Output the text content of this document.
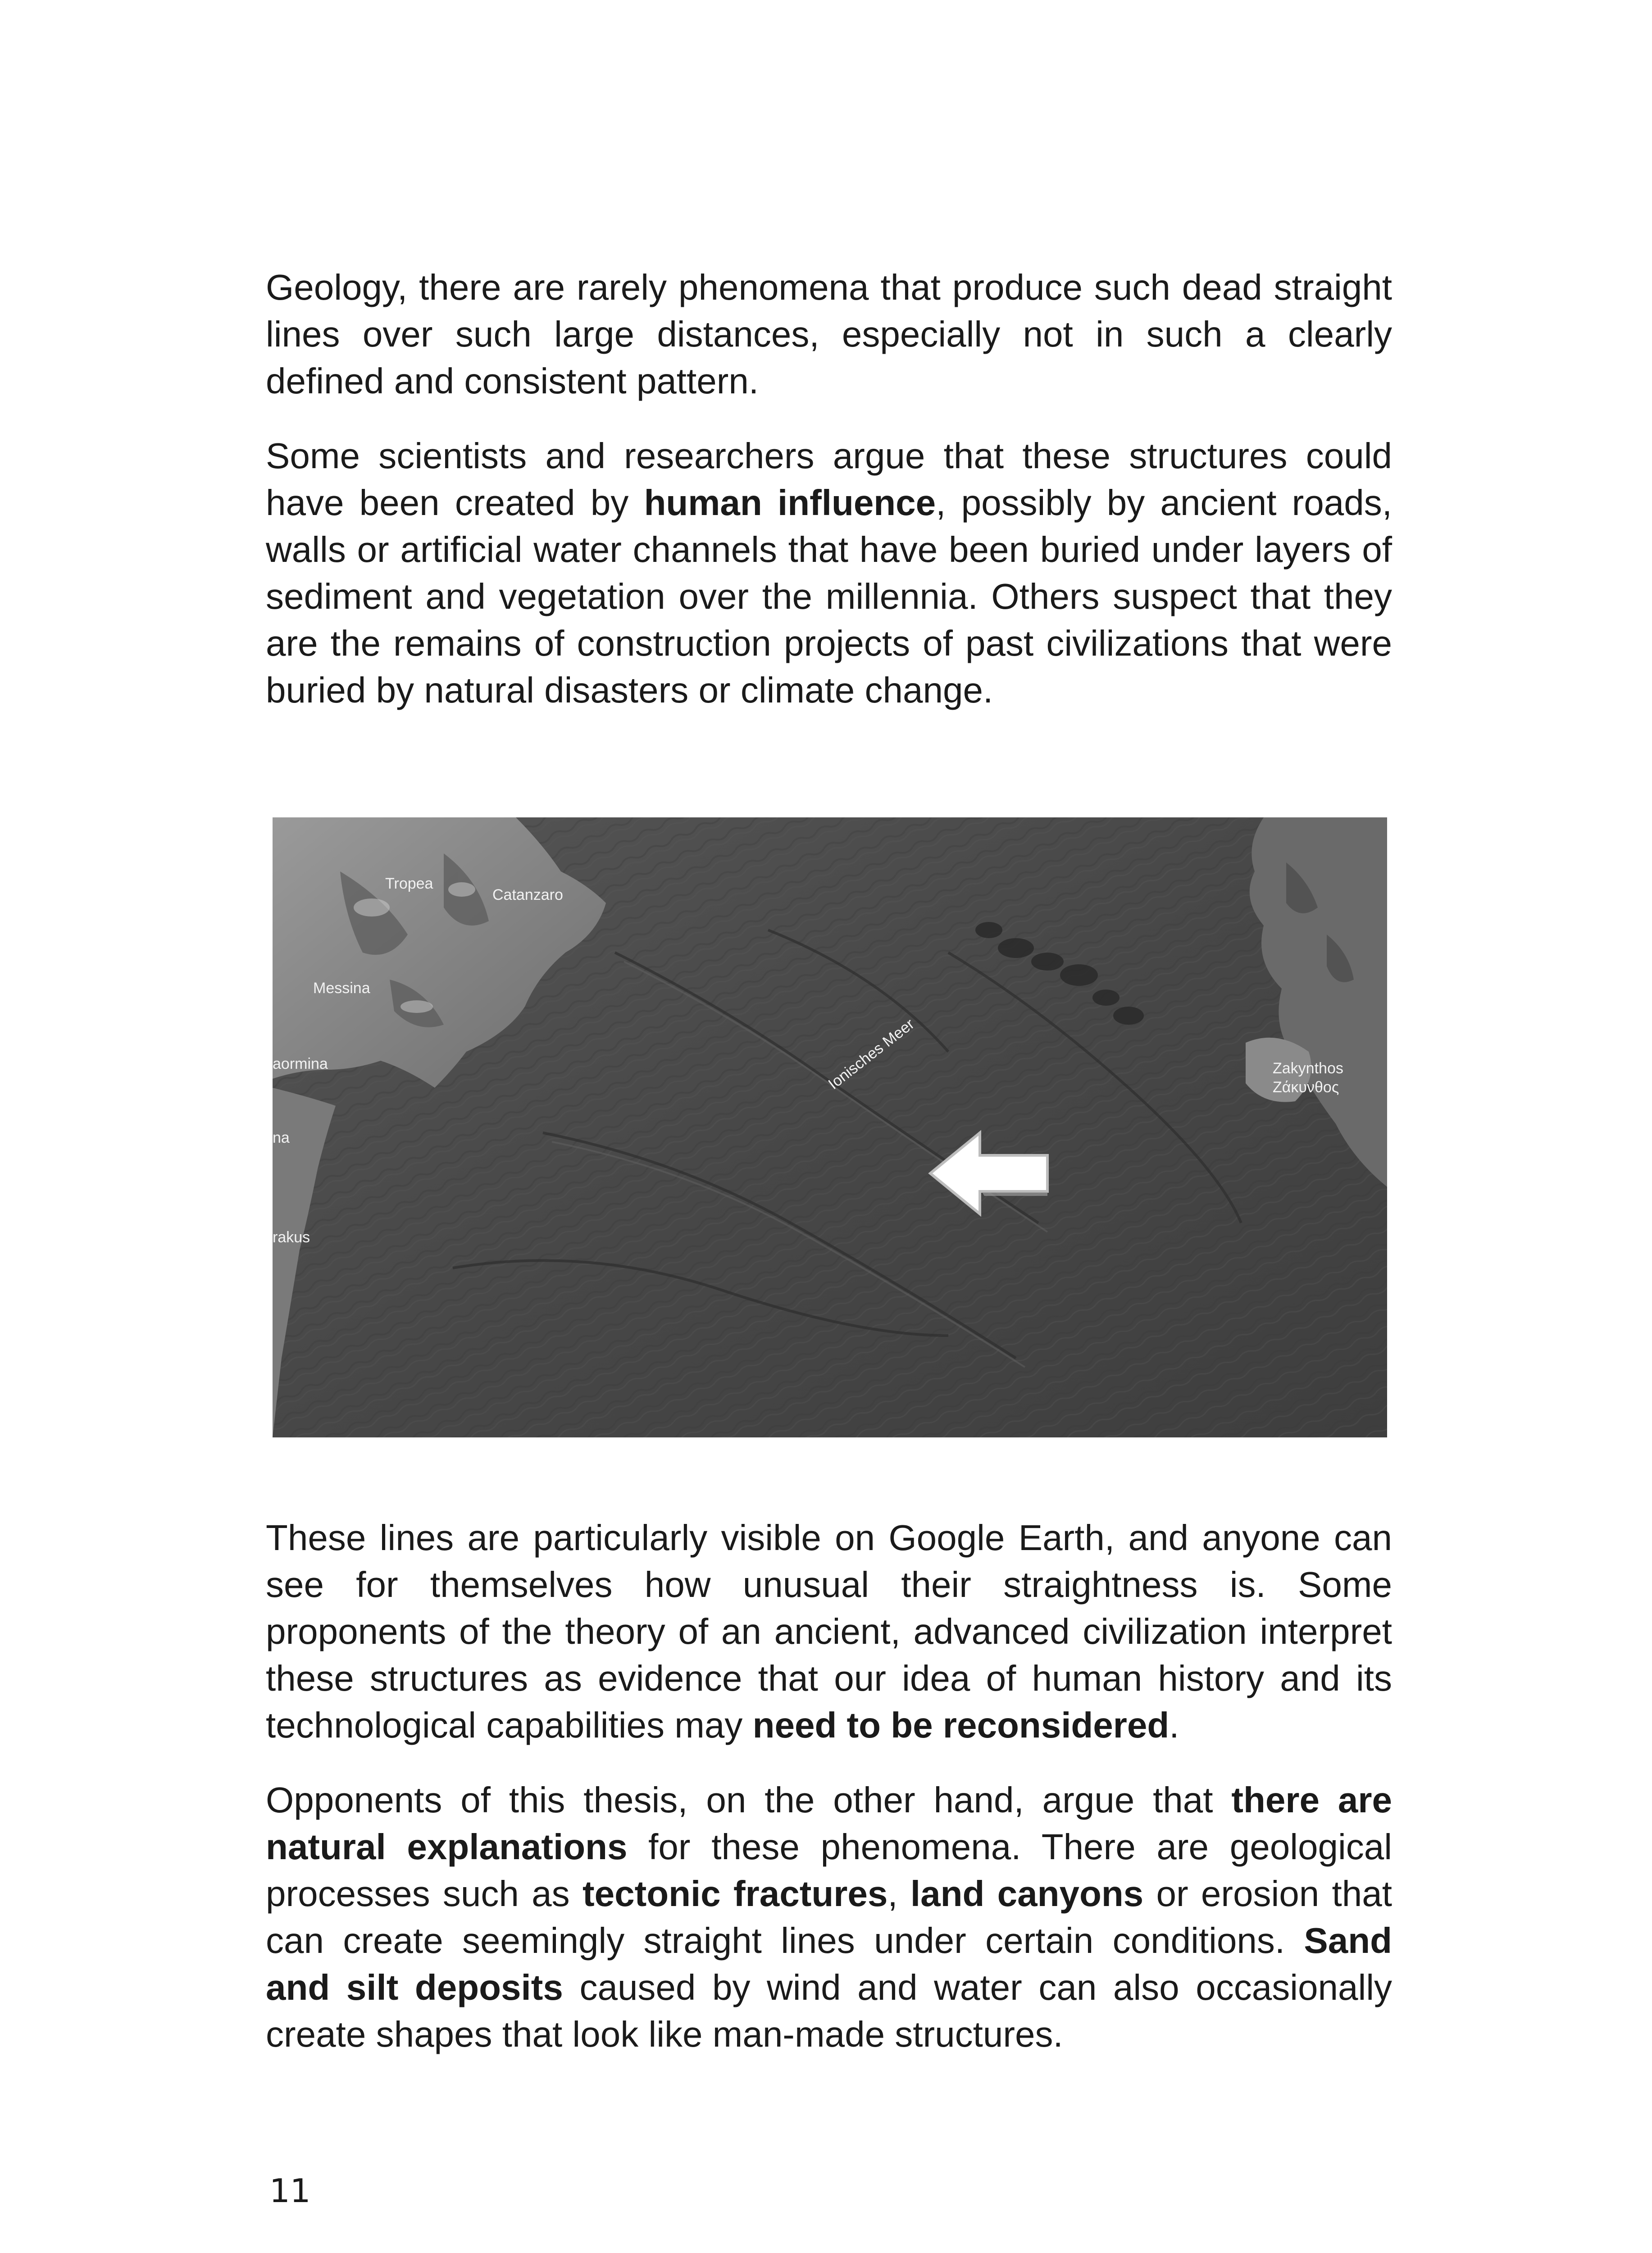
Geology, there are rarely phenomena that produce such dead straight lines over such large distances, especially not in such a clearly defined and consistent pattern.

Some scientists and researchers argue that these structures could have been created by human influence, possibly by ancient roads, walls or artificial water channels that have been buried under layers of sediment and vegetation over the millennia. Others suspect that they are the remains of construction projects of past civilizations that were buried by natural disasters or climate change.

Tropea
Catanzaro
Messina
aormina
na
rakus
Ionisches Meer	Zakynthos
Ζάκυνθος

These lines are particularly visible on Google Earth, and anyone can see for themselves how unusual their straightness is. Some proponents of the theory of an ancient, advanced civilization interpret these structures as evidence that our idea of human history and its technological capabilities may need to be reconsidered.

Opponents of this thesis, on the other hand, argue that there are natural explanations for these phenomena. There are geological processes such as tectonic fractures, land canyons or erosion that can create seemingly straight lines under certain conditions. Sand and silt deposits caused by wind and water can also occasionally create shapes that look like man-made structures.

11
